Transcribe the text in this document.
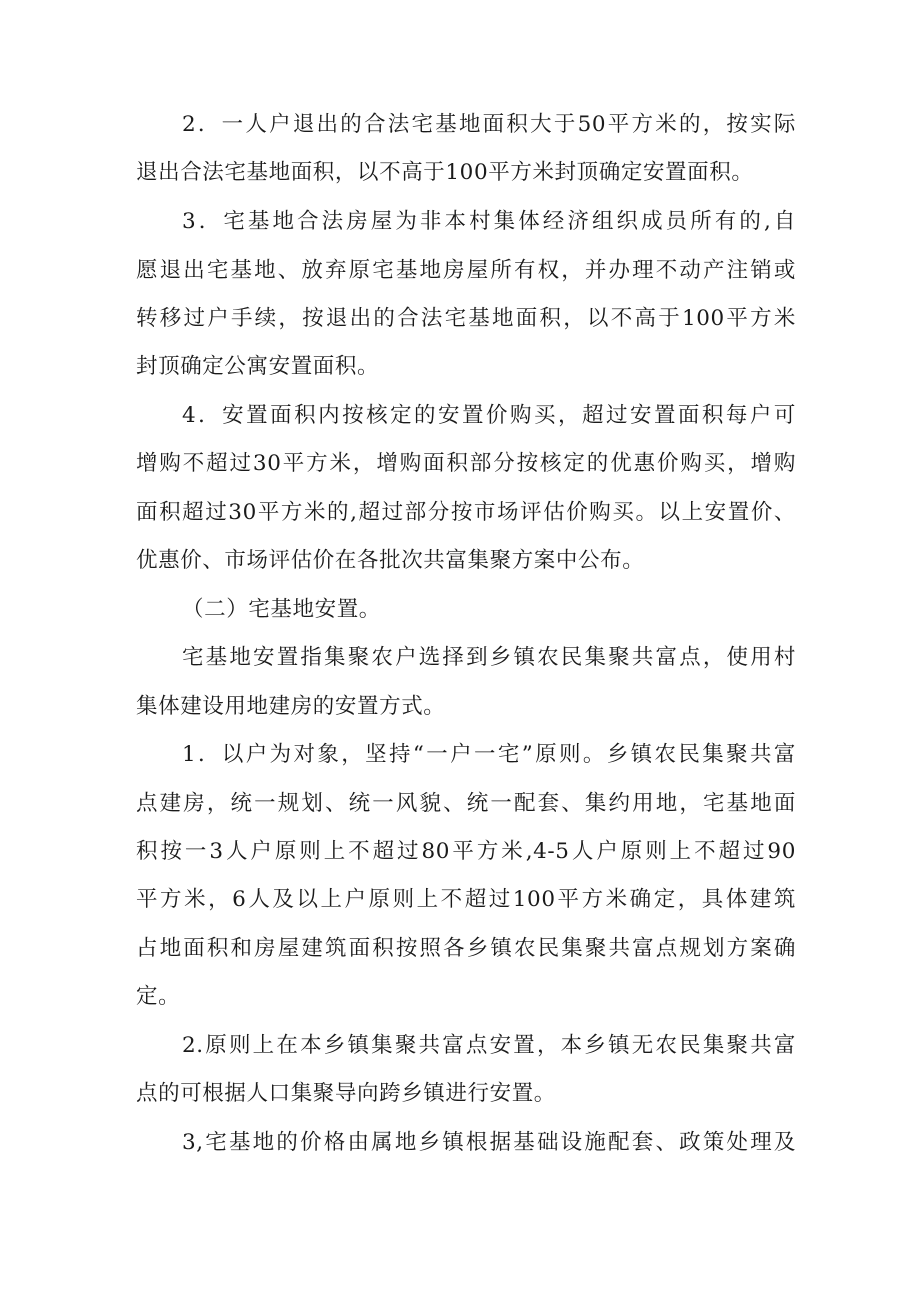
2．一人户退出的合法宅基地面积大于50平方米的，按实际
退出合法宅基地面积，以不高于100平方米封顶确定安置面积。
3．宅基地合法房屋为非本村集体经济组织成员所有的,自
愿退出宅基地、放弃原宅基地房屋所有权，并办理不动产注销或
转移过户手续，按退出的合法宅基地面积，以不高于100平方米
封顶确定公寓安置面积。
4．安置面积内按核定的安置价购买，超过安置面积每户可
增购不超过30平方米，增购面积部分按核定的优惠价购买，增购
面积超过30平方米的,超过部分按市场评估价购买。以上安置价、
优惠价、市场评估价在各批次共富集聚方案中公布。
（二）宅基地安置。
宅基地安置指集聚农户选择到乡镇农民集聚共富点，使用村
集体建设用地建房的安置方式。
1．以户为对象，坚持“一户一宅”原则。乡镇农民集聚共富
点建房，统一规划、统一风貌、统一配套、集约用地，宅基地面
积按一3人户原则上不超过80平方米,4-5人户原则上不超过90
平方米，6人及以上户原则上不超过100平方米确定，具体建筑
占地面积和房屋建筑面积按照各乡镇农民集聚共富点规划方案确
定。
2.原则上在本乡镇集聚共富点安置，本乡镇无农民集聚共富
点的可根据人口集聚导向跨乡镇进行安置。
3,宅基地的价格由属地乡镇根据基础设施配套、政策处理及
